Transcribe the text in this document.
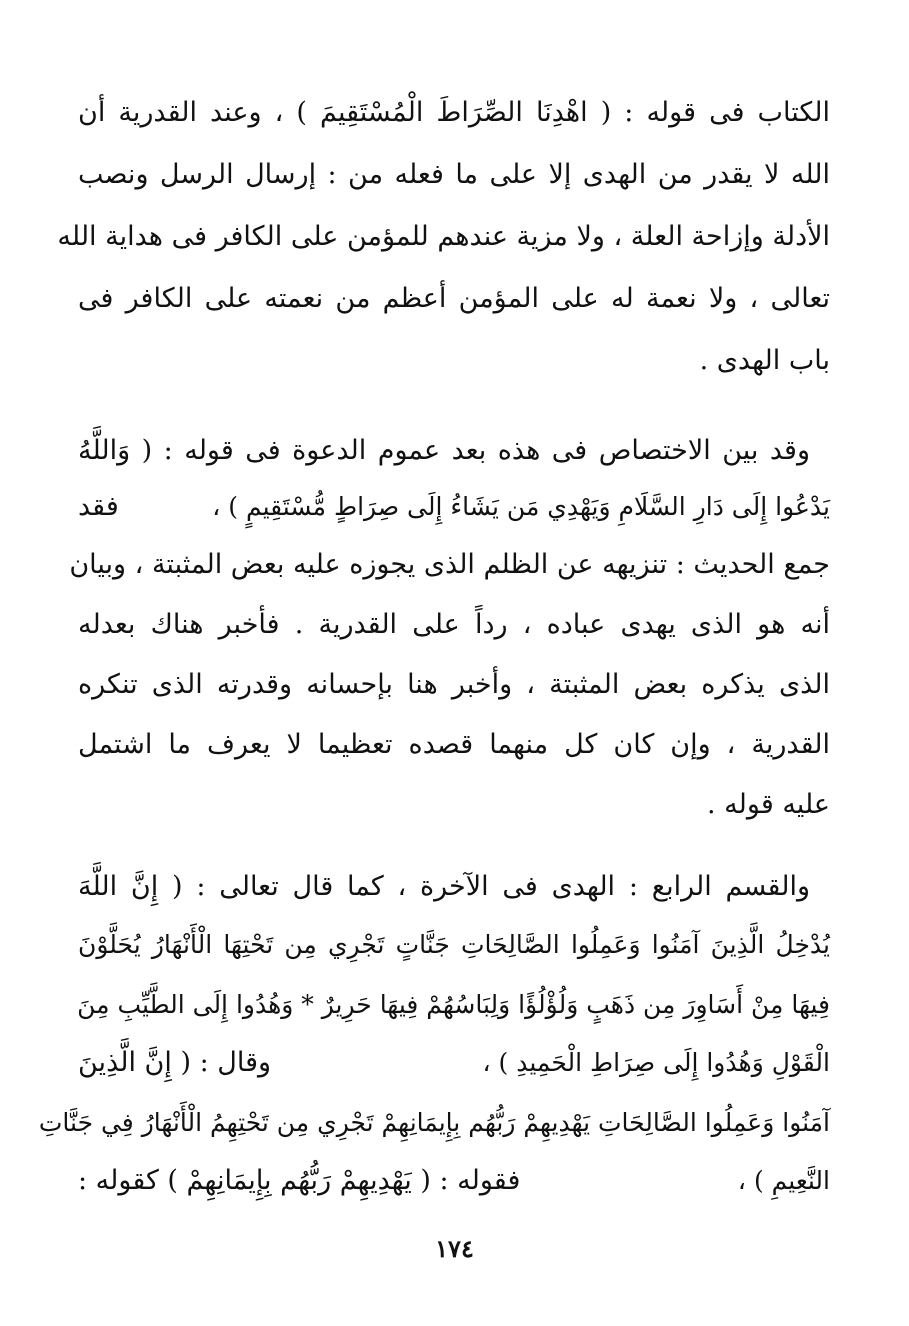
الكتاب فى قوله : ( اهْدِنَا الصِّرَاطَ الْمُسْتَقِيمَ ) ، وعند القدرية أن
الله لا يقدر من الهدى إلا على ما فعله من : إرسال الرسل ونصب
الأدلة وإزاحة العلة ، ولا مزية عندهم للمؤمن على الكافر فى هداية الله
تعالى ، ولا نعمة له على المؤمن أعظم من نعمته على الكافر فى
باب الهدى .
وقد بين الاختصاص فى هذه بعد عموم الدعوة فى قوله : ( وَاللَّهُ
يَدْعُوا إِلَى دَارِ السَّلَامِ وَيَهْدِي مَن يَشَاءُ إِلَى صِرَاطٍ مُّسْتَقِيمٍ ) ،
فقد
جمع الحديث : تنزيهه عن الظلم الذى يجوزه عليه بعض المثبتة ، وبيان
أنه هو الذى يهدى عباده ، رداً على القدرية . فأخبر هناك بعدله
الذى يذكره بعض المثبتة ، وأخبر هنا بإحسانه وقدرته الذى تنكره
القدرية ، وإن كان كل منهما قصده تعظيما لا يعرف ما اشتمل
عليه قوله .
والقسم الرابع : الهدى فى الآخرة ، كما قال تعالى : ( إِنَّ اللَّهَ
يُدْخِلُ الَّذِينَ آمَنُوا وَعَمِلُوا الصَّالِحَاتِ جَنَّاتٍ تَجْرِي مِن تَحْتِهَا الْأَنْهَارُ يُحَلَّوْنَ
فِيهَا مِنْ أَسَاوِرَ مِن ذَهَبٍ وَلُؤْلُؤًا وَلِبَاسُهُمْ فِيهَا حَرِيرٌ * وَهُدُوا إِلَى الطَّيِّبِ مِنَ
الْقَوْلِ وَهُدُوا إِلَى صِرَاطِ الْحَمِيدِ ) ،
وقال : ( إِنَّ الَّذِينَ
آمَنُوا وَعَمِلُوا الصَّالِحَاتِ يَهْدِيهِمْ رَبُّهُم بِإِيمَانِهِمْ تَجْرِي مِن تَحْتِهِمُ الْأَنْهَارُ فِي جَنَّاتِ
النَّعِيمِ ) ،
فقوله : ( يَهْدِيهِمْ رَبُّهُم بِإِيمَانِهِمْ ) كقوله :
١٧٤
